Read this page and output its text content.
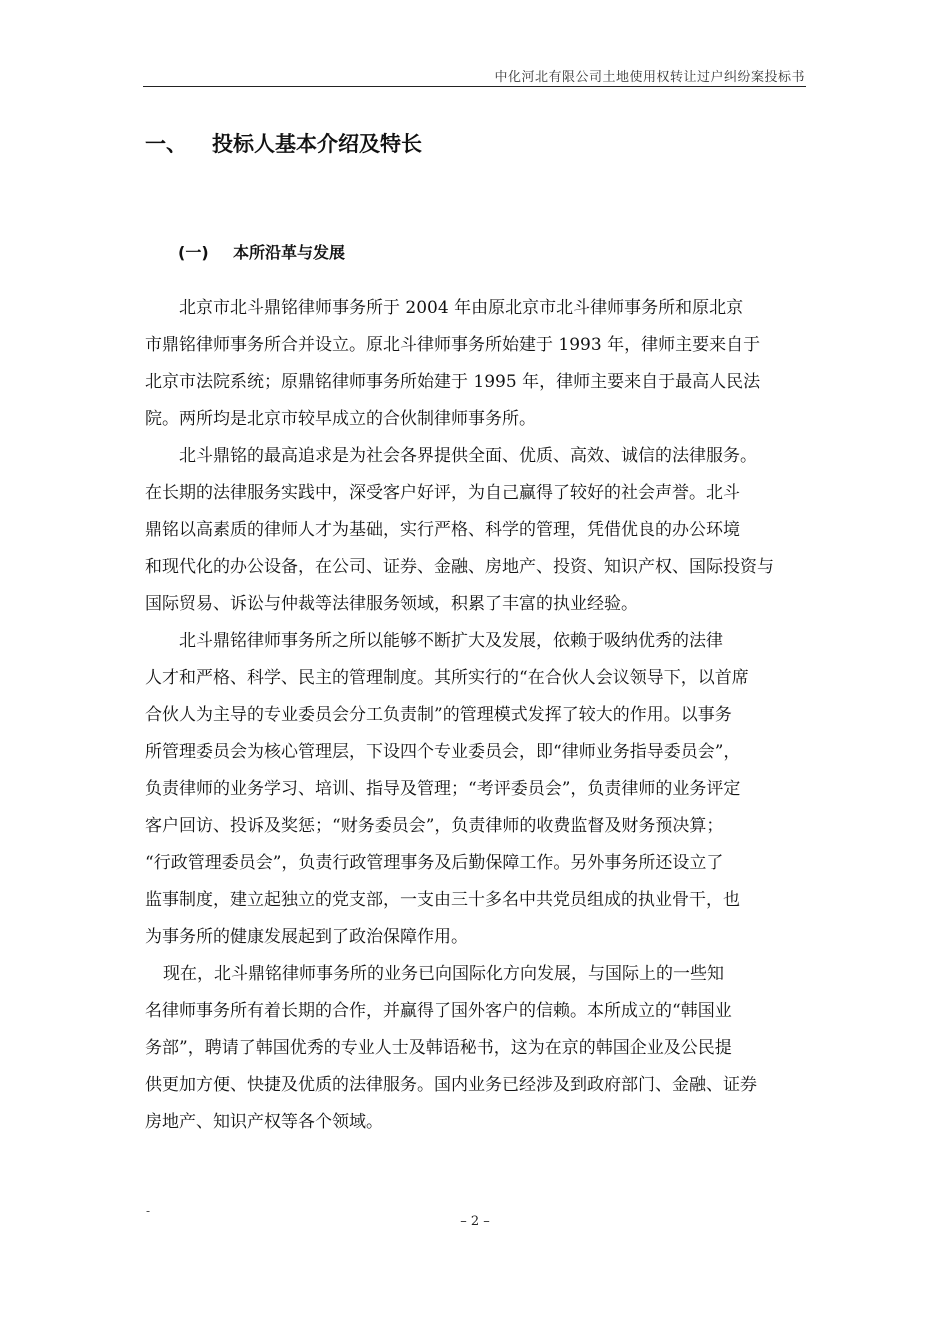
中化河北有限公司土地使用权转让过户纠纷案投标书
一、	投标人基本介绍及特长
(一)	本所沿革与发展
北京市北斗鼎铭律师事务所于 2004 年由原北京市北斗律师事务所和原北京
市鼎铭律师事务所合并设立。原北斗律师事务所始建于 1993 年，律师主要来自于
北京市法院系统；原鼎铭律师事务所始建于 1995 年，律师主要来自于最高人民法
院。两所均是北京市较早成立的合伙制律师事务所。
北斗鼎铭的最高追求是为社会各界提供全面、优质、高效、诚信的法律服务。
在长期的法律服务实践中，深受客户好评，为自己赢得了较好的社会声誉。北斗
鼎铭以高素质的律师人才为基础，实行严格、科学的管理，凭借优良的办公环境
和现代化的办公设备，在公司、证券、金融、房地产、投资、知识产权、国际投资与
国际贸易、诉讼与仲裁等法律服务领域，积累了丰富的执业经验。
北斗鼎铭律师事务所之所以能够不断扩大及发展，依赖于吸纳优秀的法律
人才和严格、科学、民主的管理制度。其所实行的“在合伙人会议领导下，以首席
合伙人为主导的专业委员会分工负责制”的管理模式发挥了较大的作用。以事务
所管理委员会为核心管理层，下设四个专业委员会，即“律师业务指导委员会”，
负责律师的业务学习、培训、指导及管理；“考评委员会”，负责律师的业务评定
客户回访、投诉及奖惩；“财务委员会”，负责律师的收费监督及财务预决算；
“行政管理委员会”，负责行政管理事务及后勤保障工作。另外事务所还设立了
监事制度，建立起独立的党支部，一支由三十多名中共党员组成的执业骨干，也
为事务所的健康发展起到了政治保障作用。
现在，北斗鼎铭律师事务所的业务已向国际化方向发展，与国际上的一些知
名律师事务所有着长期的合作，并赢得了国外客户的信赖。本所成立的“韩国业
务部”，聘请了韩国优秀的专业人士及韩语秘书，这为在京的韩国企业及公民提
供更加方便、快捷及优质的法律服务。国内业务已经涉及到政府部门、金融、证券
房地产、知识产权等各个领域。
-
– 2 –
